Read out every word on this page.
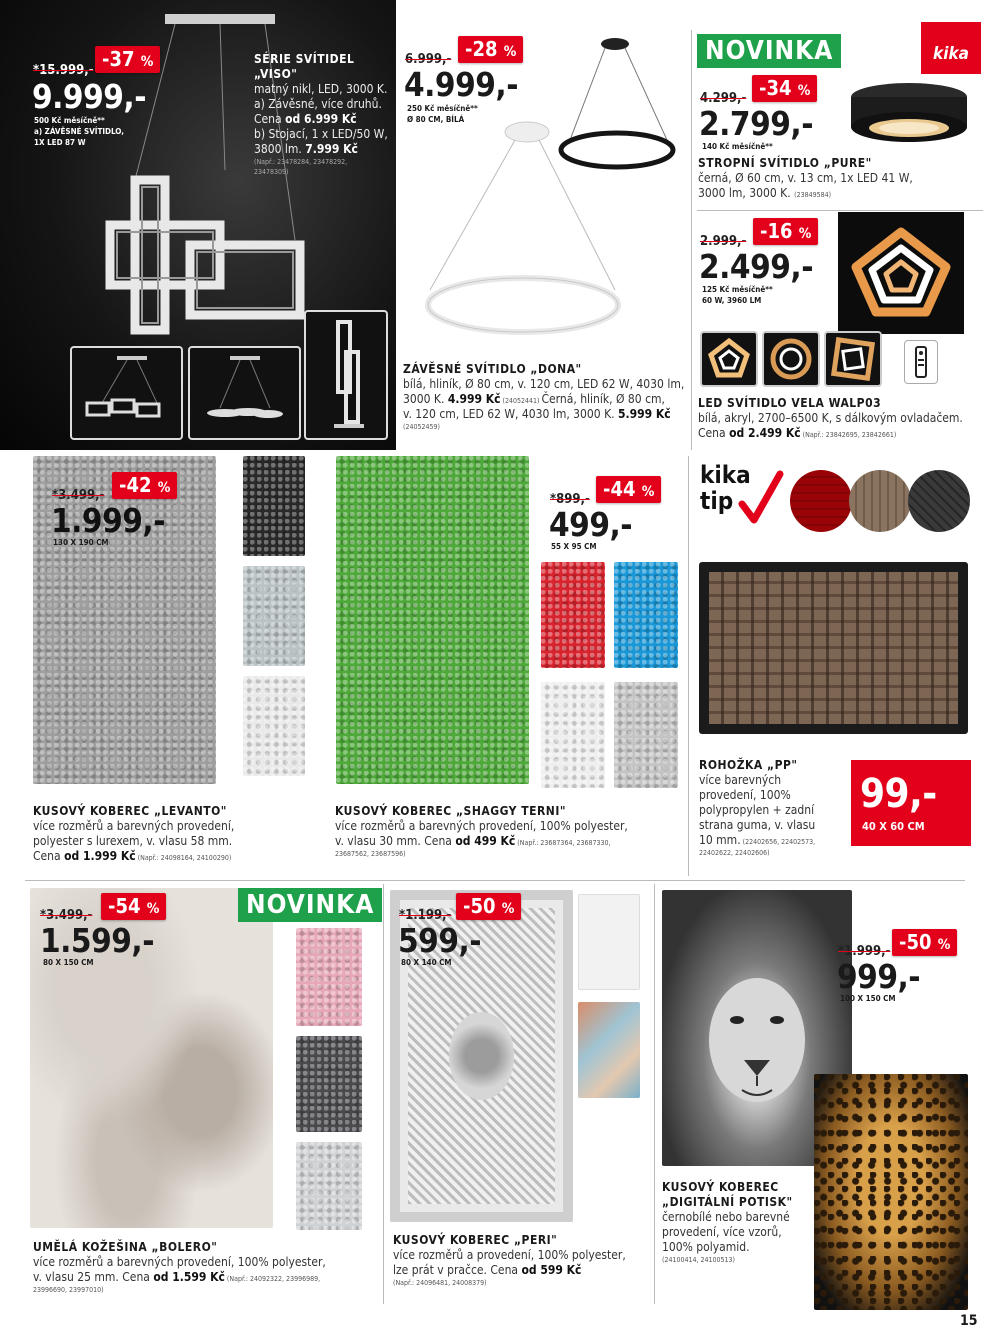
*15.999,- -37 %
9.999,-
500 Kč měsíčně**
a) ZÁVĚSNÉ SVÍTIDLO,
1X LED 87 W
SÉRIE SVÍTIDEL „VISO"
matný nikl, LED, 3000 K.
a) Závěsné, více druhů.
Cena od 6.999 Kč
b) Stojací, 1 x LED/50 W,
3800 lm. 7.999 Kč
(Např.: 23478284, 23478292,
23478309)
6.999,- -28 %
4.999,-
250 Kč měsíčně**
Ø 80 CM, BÍLÁ
ZÁVĚSNÉ SVÍTIDLO „DONA"
bílá, hliník, Ø 80 cm, v. 120 cm, LED 62 W, 4030 lm,
3000 K. 4.999 Kč (24052441) Černá, hliník, Ø 80 cm,
v. 120 cm, LED 62 W, 4030 lm, 3000 K. 5.999 Kč
(24052459)
NOVINKA	kika
4.299,- -34 %
2.799,-
140 Kč měsíčně**
STROPNÍ SVÍTIDLO „PURE"
černá, Ø 60 cm, v. 13 cm, 1x LED 41 W,
3000 lm, 3000 K. (23849584)
2.999,- -16 %
2.499,-
125 Kč měsíčně**
60 W, 3960 LM
LED SVÍTIDLO VELA WALP03
bílá, akryl, 2700–6500 K, s dálkovým ovladačem.
Cena od 2.499 Kč (Např.: 23842695, 23842661)
*3.499,- -42 %
1.999,-
130 X 190 CM
KUSOVÝ KOBEREC „LEVANTO"
více rozměrů a barevných provedení,
polyester s lurexem, v. vlasu 58 mm.
Cena od 1.999 Kč (Např.: 24098164, 24100290)
*899,- -44 %
499,-
55 X 95 CM
KUSOVÝ KOBEREC „SHAGGY TERNI"
více rozměrů a barevných provedení, 100% polyester,
v. vlasu 30 mm. Cena od 499 Kč (Např.: 23687364, 23687330,
23687562, 23687596)
kika
tip
ROHOŽKA „PP"
více barevných
provedení, 100%
polypropylen + zadní
strana guma, v. vlasu
10 mm. (22402656, 22402573,
22402622, 22402606)
99,-
40 X 60 CM
NOVINKA
*3.499,- -54 %
1.599,-
80 X 150 CM
UMĚLÁ KOŽEŠINA „BOLERO"
více rozměrů a barevných provedení, 100% polyester,
v. vlasu 25 mm. Cena od 1.599 Kč (Např.: 24092322, 23996989,
23996690, 23997010)
*1.199,- -50 %
599,-
80 X 140 CM
KUSOVÝ KOBEREC „PERI"
více rozměrů a provedení, 100% polyester,
lze prát v pračce. Cena od 599 Kč
(Např.: 24096481, 24008379)
*1.999,- -50 %
999,-
100 X 150 CM
KUSOVÝ KOBEREC
„DIGITÁLNÍ POTISK"
černobílé nebo barevné
provedení, více vzorů,
100% polyamid.
(24100414, 24100513)
15
